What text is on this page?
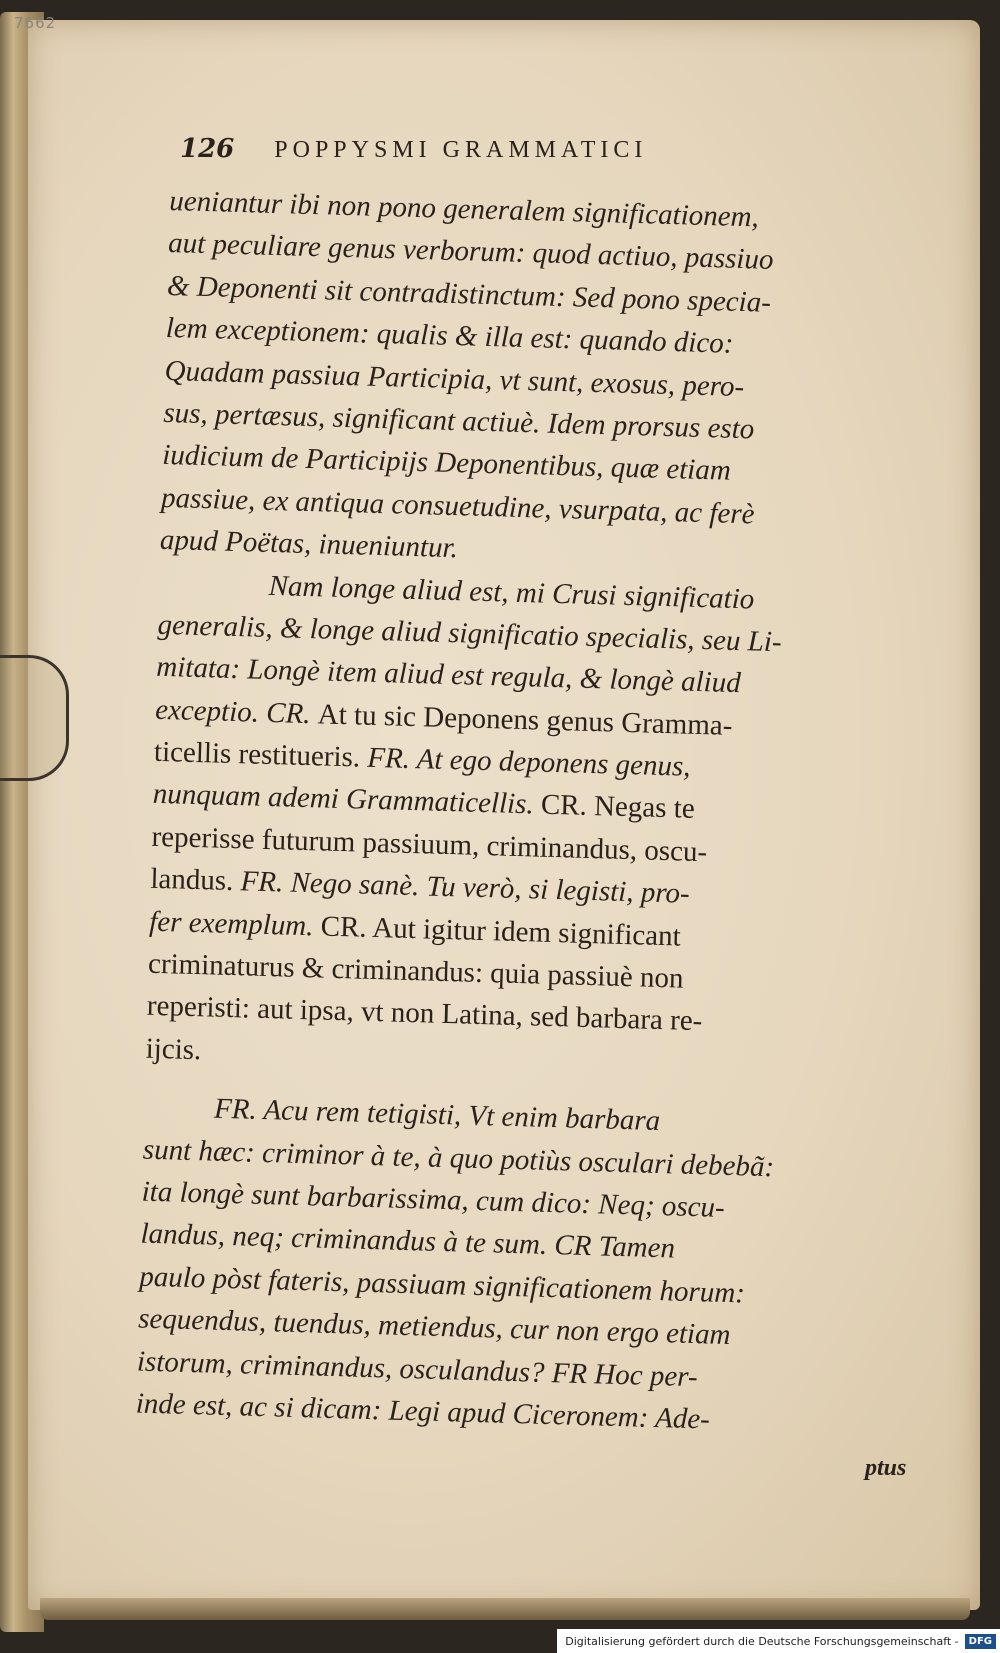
7662
126 POPPYSMI GRAMMATICI
ueniantur ibi non pono generalem significationem,
aut peculiare genus verborum: quod actiuo, passiuo
& Deponenti sit contradistinctum: Sed pono specia-
lem exceptionem: qualis & illa est: quando dico:
Quadam passiua Participia, vt sunt, exosus, pero-
sus, pertæsus, significant actiuè. Idem prorsus esto
iudicium de Participijs Deponentibus, quæ etiam
passiue, ex antiqua consuetudine, vsurpata, ac ferè
apud Poëtas, inueniuntur.
Nam longe aliud est, mi Crusi significatio
generalis, & longe aliud significatio specialis, seu Li-
mitata: Longè item aliud est regula, & longè aliud
exceptio. CR. At tu sic Deponens genus Gramma-
ticellis restitueris. FR. At ego deponens genus,
nunquam ademi Grammaticellis. CR. Negas te
reperisse futurum passiuum, criminandus, oscu-
landus. FR. Nego sanè. Tu verò, si legisti, pro-
fer exemplum. CR. Aut igitur idem significant
criminaturus & criminandus: quia passiuè non
reperisti: aut ipsa, vt non Latina, sed barbara re-
ijcis.
FR. Acu rem tetigisti, Vt enim barbara
sunt hæc: criminor à te, à quo potiùs osculari debebã:
ita longè sunt barbarissima, cum dico: Neq; oscu-
landus, neq; criminandus à te sum. CR Tamen
paulo pòst fateris, passiuam significationem horum:
sequendus, tuendus, metiendus, cur non ergo etiam
istorum, criminandus, osculandus? FR Hoc per-
inde est, ac si dicam: Legi apud Ciceronem: Ade-
ptus
Digitalisierung gefördert durch die Deutsche Forschungsgemeinschaft -	DFG
